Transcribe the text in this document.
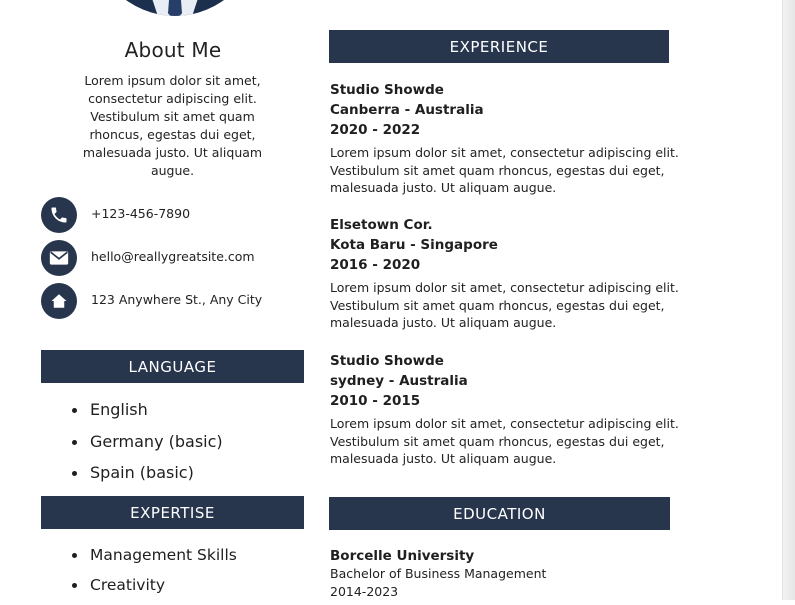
About Me
Lorem ipsum dolor sit amet, consectetur adipiscing elit. Vestibulum sit amet quam rhoncus, egestas dui eget, malesuada justo. Ut aliquam augue.
+123-456-7890
hello@reallygreatsite.com
123 Anywhere St., Any City
LANGUAGE
English
Germany (basic)
Spain (basic)
EXPERTISE
Management Skills
Creativity
EXPERIENCE
Studio Showde
Canberra - Australia
2020 - 2022
Lorem ipsum dolor sit amet, consectetur adipiscing elit. Vestibulum sit amet quam rhoncus, egestas dui eget, malesuada justo. Ut aliquam augue.
Elsetown Cor.
Kota Baru - Singapore
2016 - 2020
Lorem ipsum dolor sit amet, consectetur adipiscing elit. Vestibulum sit amet quam rhoncus, egestas dui eget, malesuada justo. Ut aliquam augue.
Studio Showde
sydney - Australia
2010 - 2015
Lorem ipsum dolor sit amet, consectetur adipiscing elit. Vestibulum sit amet quam rhoncus, egestas dui eget, malesuada justo. Ut aliquam augue.
EDUCATION
Borcelle University
Bachelor of Business Management
2014-2023
